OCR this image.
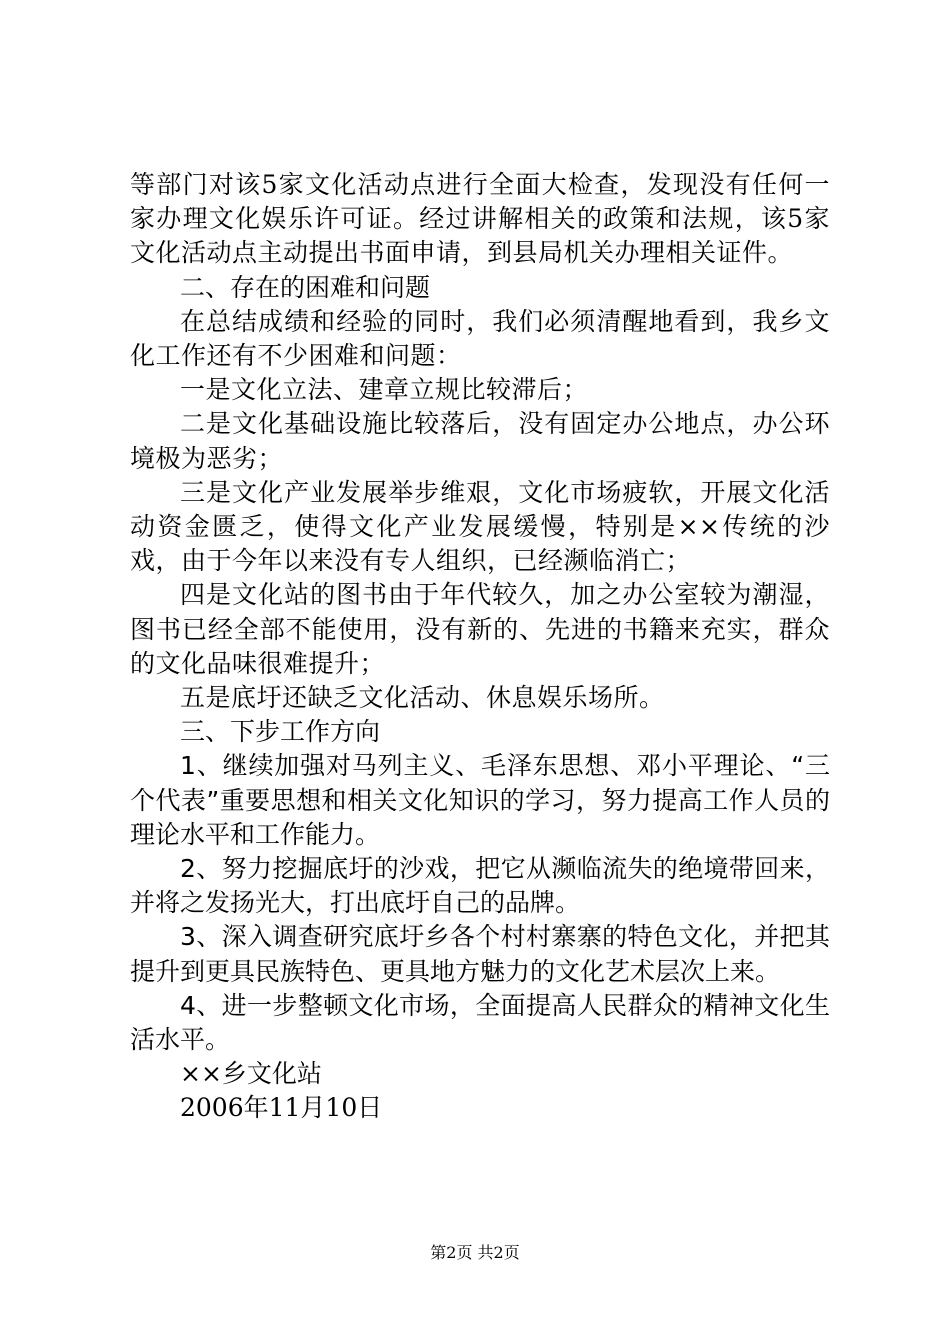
等部门对该5家文化活动点进行全面大检查，发现没有任何一家办理文化娱乐许可证。经过讲解相关的政策和法规，该5家文化活动点主动提出书面申请，到县局机关办理相关证件。

二、存在的困难和问题

在总结成绩和经验的同时，我们必须清醒地看到，我乡文化工作还有不少困难和问题：

一是文化立法、建章立规比较滞后；

二是文化基础设施比较落后，没有固定办公地点，办公环境极为恶劣；

三是文化产业发展举步维艰，文化市场疲软，开展文化活动资金匮乏，使得文化产业发展缓慢，特别是××传统的沙戏，由于今年以来没有专人组织，已经濒临消亡；

四是文化站的图书由于年代较久，加之办公室较为潮湿，图书已经全部不能使用，没有新的、先进的书籍来充实，群众的文化品味很难提升；

五是底圩还缺乏文化活动、休息娱乐场所。

三、下步工作方向

1、继续加强对马列主义、毛泽东思想、邓小平理论、“三个代表”重要思想和相关文化知识的学习，努力提高工作人员的理论水平和工作能力。

2、努力挖掘底圩的沙戏，把它从濒临流失的绝境带回来，并将之发扬光大，打出底圩自己的品牌。

3、深入调查研究底圩乡各个村村寨寨的特色文化，并把其提升到更具民族特色、更具地方魅力的文化艺术层次上来。

4、进一步整顿文化市场，全面提高人民群众的精神文化生活水平。

××乡文化站

2006年11月10日

第2页 共2页
